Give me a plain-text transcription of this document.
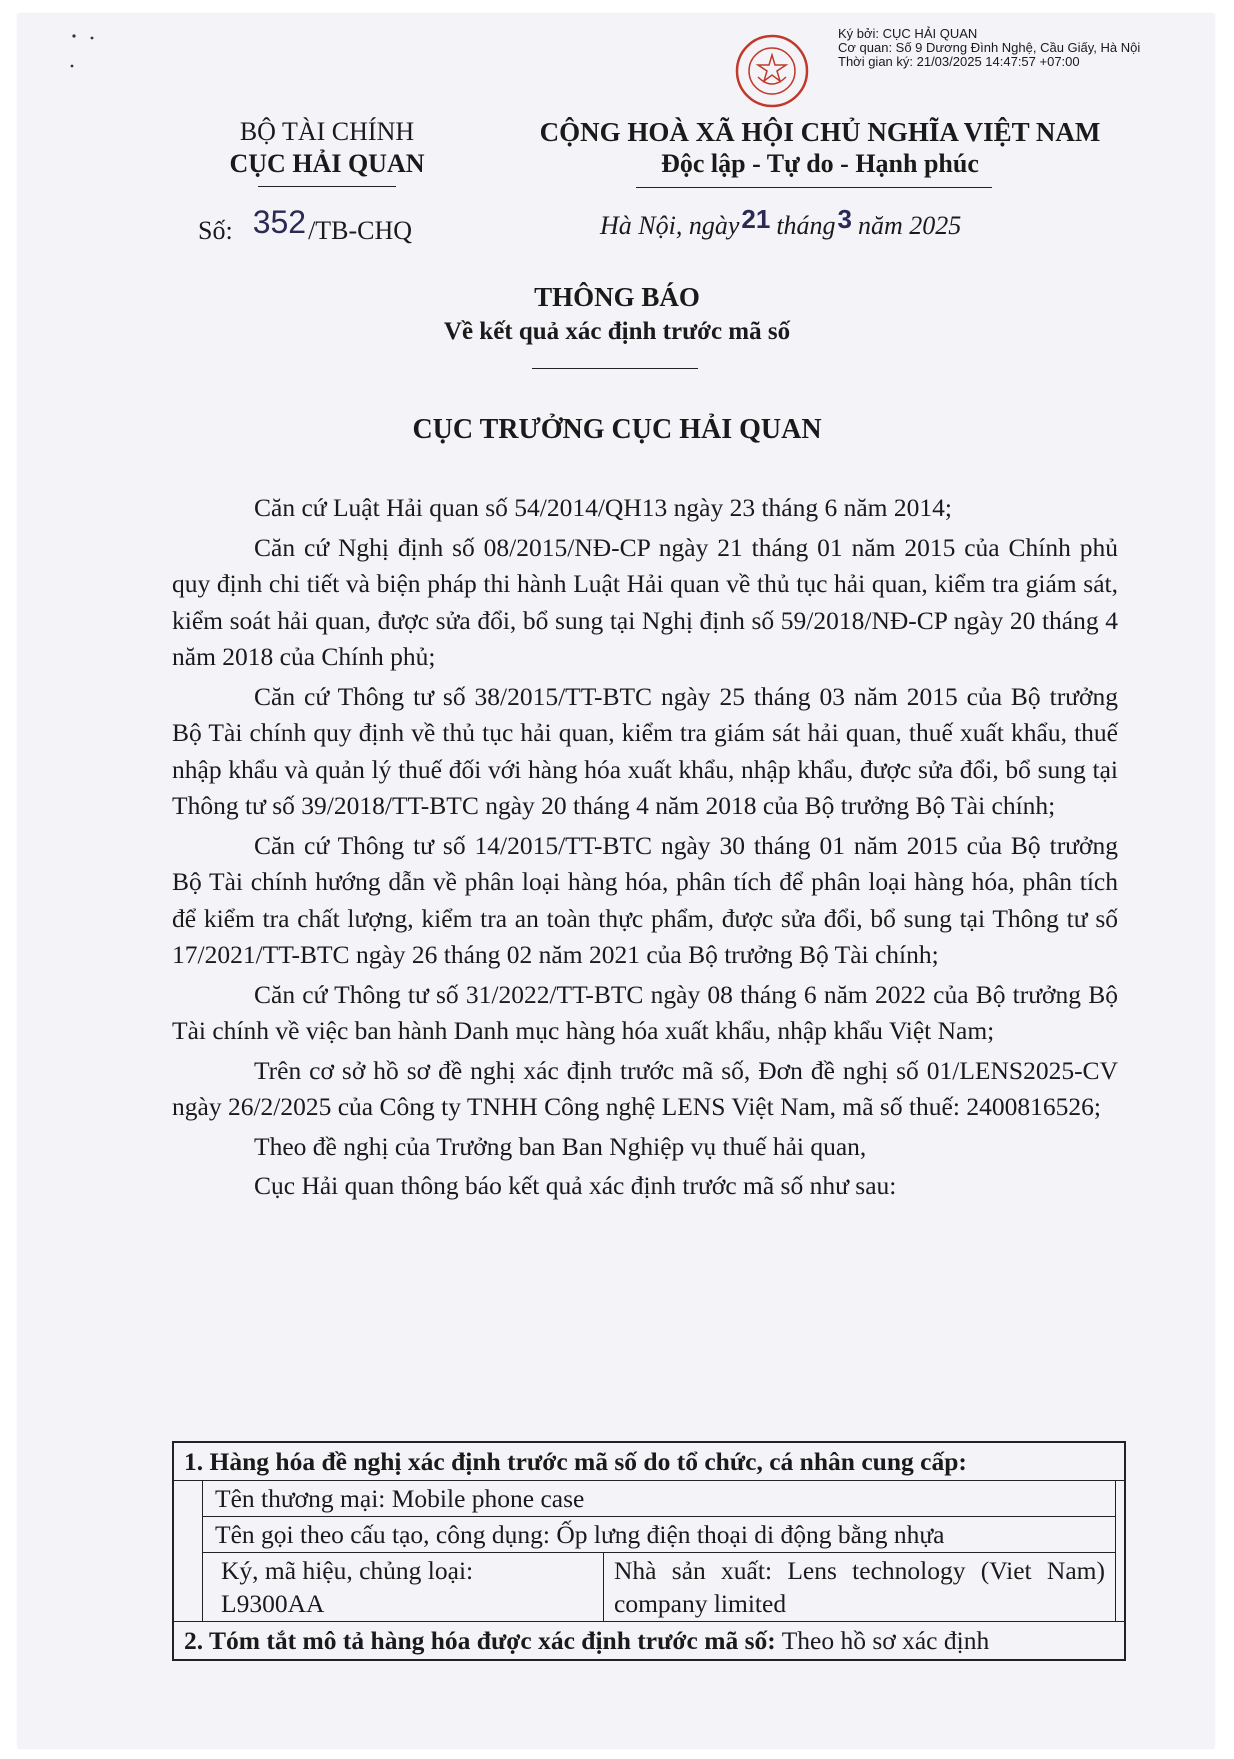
Ký bởi: CỤC HẢI QUAN
Cơ quan: Số 9 Dương Đình Nghệ, Cầu Giấy, Hà Nội
Thời gian ký: 21/03/2025 14:47:57 +07:00
BỘ TÀI CHÍNH
CỤC HẢI QUAN
CỘNG HOÀ XÃ HỘI CHỦ NGHĨA VIỆT NAM
Độc lập - Tự do - Hạnh phúc
Số: 352/TB-CHQ	Hà Nội, ngày21 tháng3 năm 2025
THÔNG BÁO
Về kết quả xác định trước mã số
CỤC TRƯỞNG CỤC HẢI QUAN

Căn cứ Luật Hải quan số 54/2014/QH13 ngày 23 tháng 6 năm 2014;

Căn cứ Nghị định số 08/2015/NĐ-CP ngày 21 tháng 01 năm 2015 của Chính phủ quy định chi tiết và biện pháp thi hành Luật Hải quan về thủ tục hải quan, kiểm tra giám sát, kiểm soát hải quan, được sửa đổi, bổ sung tại Nghị định số 59/2018/NĐ-CP ngày 20 tháng 4 năm 2018 của Chính phủ;

Căn cứ Thông tư số 38/2015/TT-BTC ngày 25 tháng 03 năm 2015 của Bộ trưởng Bộ Tài chính quy định về thủ tục hải quan, kiểm tra giám sát hải quan, thuế xuất khẩu, thuế nhập khẩu và quản lý thuế đối với hàng hóa xuất khẩu, nhập khẩu, được sửa đổi, bổ sung tại Thông tư số 39/2018/TT-BTC ngày 20 tháng 4 năm 2018 của Bộ trưởng Bộ Tài chính;

Căn cứ Thông tư số 14/2015/TT-BTC ngày 30 tháng 01 năm 2015 của Bộ trưởng Bộ Tài chính hướng dẫn về phân loại hàng hóa, phân tích để phân loại hàng hóa, phân tích để kiểm tra chất lượng, kiểm tra an toàn thực phẩm, được sửa đổi, bổ sung tại Thông tư số 17/2021/TT-BTC ngày 26 tháng 02 năm 2021 của Bộ trưởng Bộ Tài chính;

Căn cứ Thông tư số 31/2022/TT-BTC ngày 08 tháng 6 năm 2022 của Bộ trưởng Bộ Tài chính về việc ban hành Danh mục hàng hóa xuất khẩu, nhập khẩu Việt Nam;

Trên cơ sở hồ sơ đề nghị xác định trước mã số, Đơn đề nghị số 01/LENS2025-CV ngày 26/2/2025 của Công ty TNHH Công nghệ LENS Việt Nam, mã số thuế: 2400816526;

Theo đề nghị của Trưởng ban Ban Nghiệp vụ thuế hải quan,

Cục Hải quan thông báo kết quả xác định trước mã số như sau:

1. Hàng hóa đề nghị xác định trước mã số do tổ chức, cá nhân cung cấp:
Tên thương mại: Mobile phone case
Tên gọi theo cấu tạo, công dụng: Ốp lưng điện thoại di động bằng nhựa
Ký, mã hiệu, chủng loại:
L9300AA
Nhà sản xuất: Lens technology (Viet Nam) company limited
2. Tóm tắt mô tả hàng hóa được xác định trước mã số: Theo hồ sơ xác định
